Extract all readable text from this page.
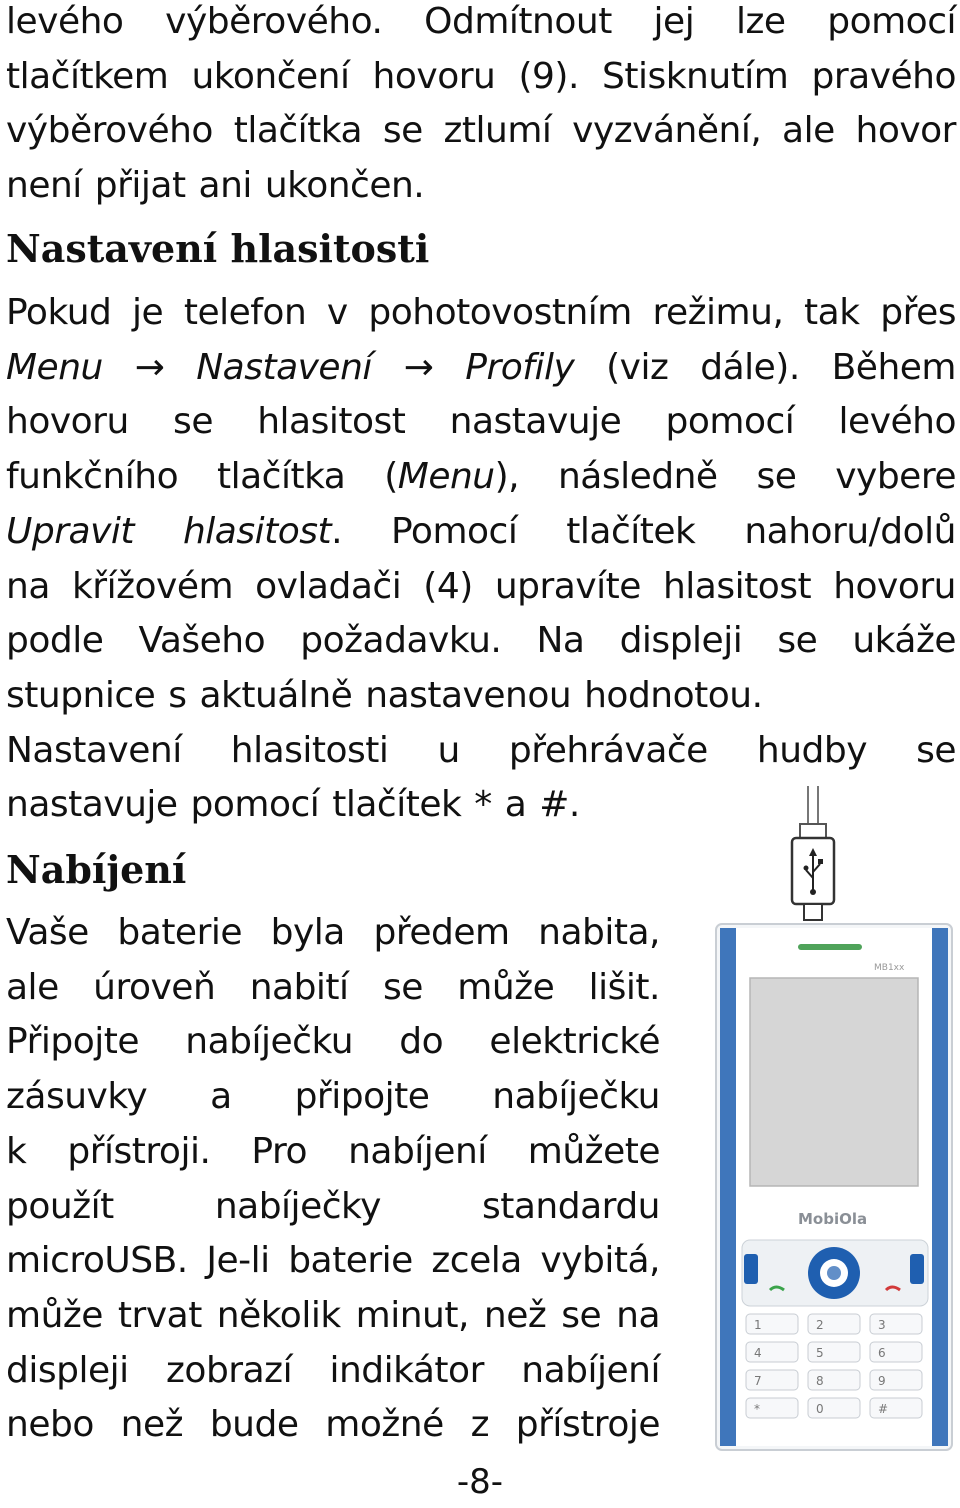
levého výběrového. Odmítnout jej lze pomocí
tlačítkem ukončení hovoru (9). Stisknutím pravého
výběrového tlačítka se ztlumí vyzvánění, ale hovor
není přijat ani ukončen.
Nastavení hlasitosti
Pokud je telefon v pohotovostním režimu, tak přes
Menu → Nastavení → Profily (viz dále). Během
hovoru se hlasitost nastavuje pomocí levého
funkčního tlačítka (Menu), následně se vybere
Upravit hlasitost. Pomocí tlačítek nahoru/dolů
na křížovém ovladači (4) upravíte hlasitost hovoru
podle Vašeho požadavku. Na displeji se ukáže
stupnice s aktuálně nastavenou hodnotou.
Nastavení hlasitosti u přehrávače hudby se
nastavuje pomocí tlačítek * a #.
Nabíjení
Vaše baterie byla předem nabita,
ale úroveň nabití se může lišit.
Připojte nabíječku do elektrické
zásuvky a připojte nabíječku
k přístroji. Pro nabíjení můžete
použít nabíječky standardu
microUSB. Je-li baterie zcela vybitá,
může trvat několik minut, než se na
displeji zobrazí indikátor nabíjení
nebo než bude možné z přístroje
MB1xx
MobiOla
1	2	3
4	5	6
7	8	9
*	0	#
-8-
